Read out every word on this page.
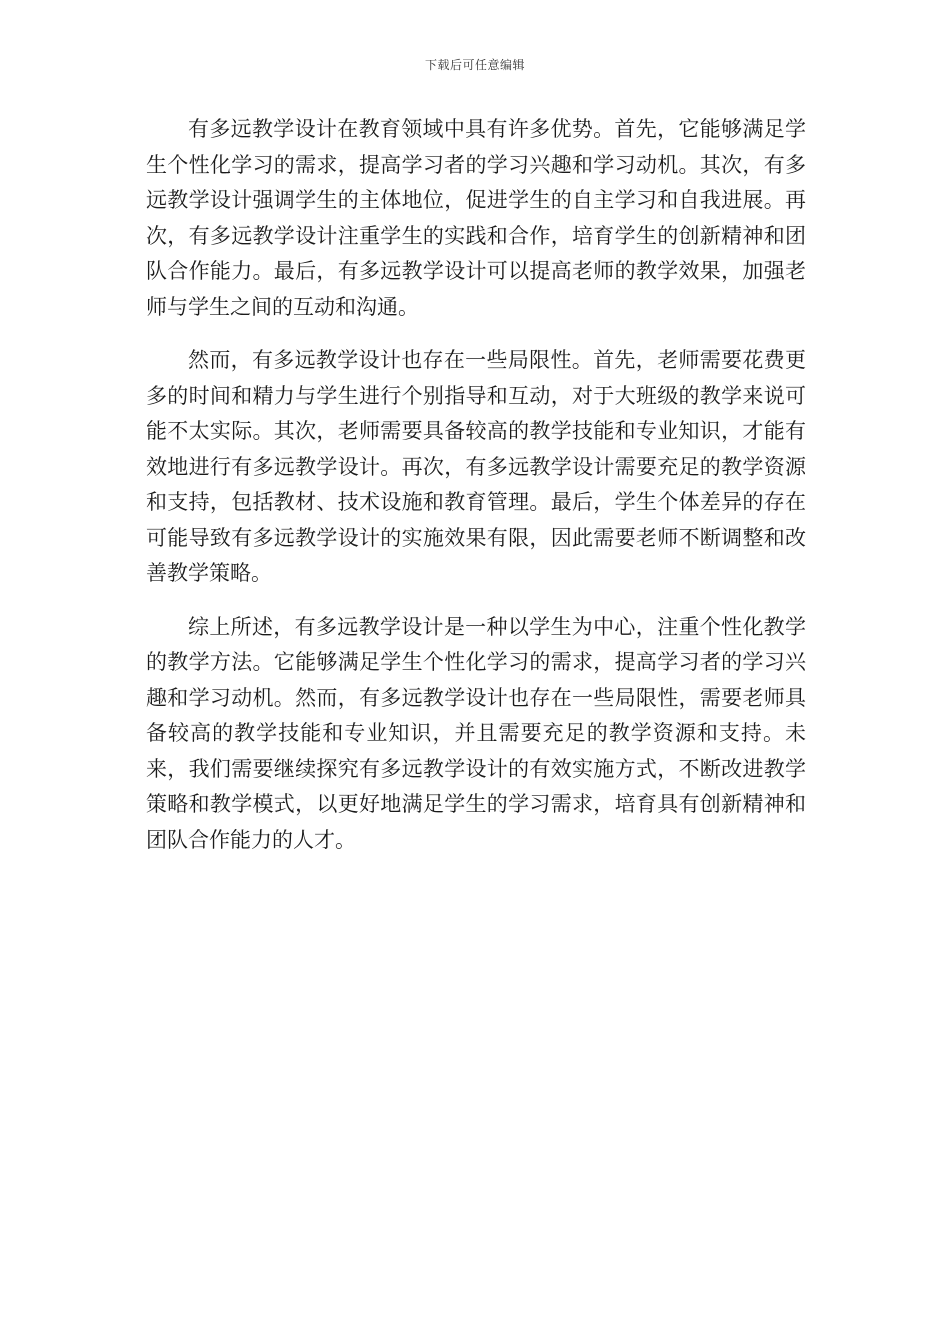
下载后可任意编辑

有多远教学设计在教育领域中具有许多优势。首先，它能够满足学生个性化学习的需求，提高学习者的学习兴趣和学习动机。其次，有多远教学设计强调学生的主体地位，促进学生的自主学习和自我进展。再次，有多远教学设计注重学生的实践和合作，培育学生的创新精神和团队合作能力。最后，有多远教学设计可以提高老师的教学效果，加强老师与学生之间的互动和沟通。

然而，有多远教学设计也存在一些局限性。首先，老师需要花费更多的时间和精力与学生进行个别指导和互动，对于大班级的教学来说可能不太实际。其次，老师需要具备较高的教学技能和专业知识，才能有效地进行有多远教学设计。再次，有多远教学设计需要充足的教学资源和支持，包括教材、技术设施和教育管理。最后，学生个体差异的存在可能导致有多远教学设计的实施效果有限，因此需要老师不断调整和改善教学策略。

综上所述，有多远教学设计是一种以学生为中心，注重个性化教学的教学方法。它能够满足学生个性化学习的需求，提高学习者的学习兴趣和学习动机。然而，有多远教学设计也存在一些局限性，需要老师具备较高的教学技能和专业知识，并且需要充足的教学资源和支持。未来，我们需要继续探究有多远教学设计的有效实施方式，不断改进教学策略和教学模式，以更好地满足学生的学习需求，培育具有创新精神和团队合作能力的人才。
